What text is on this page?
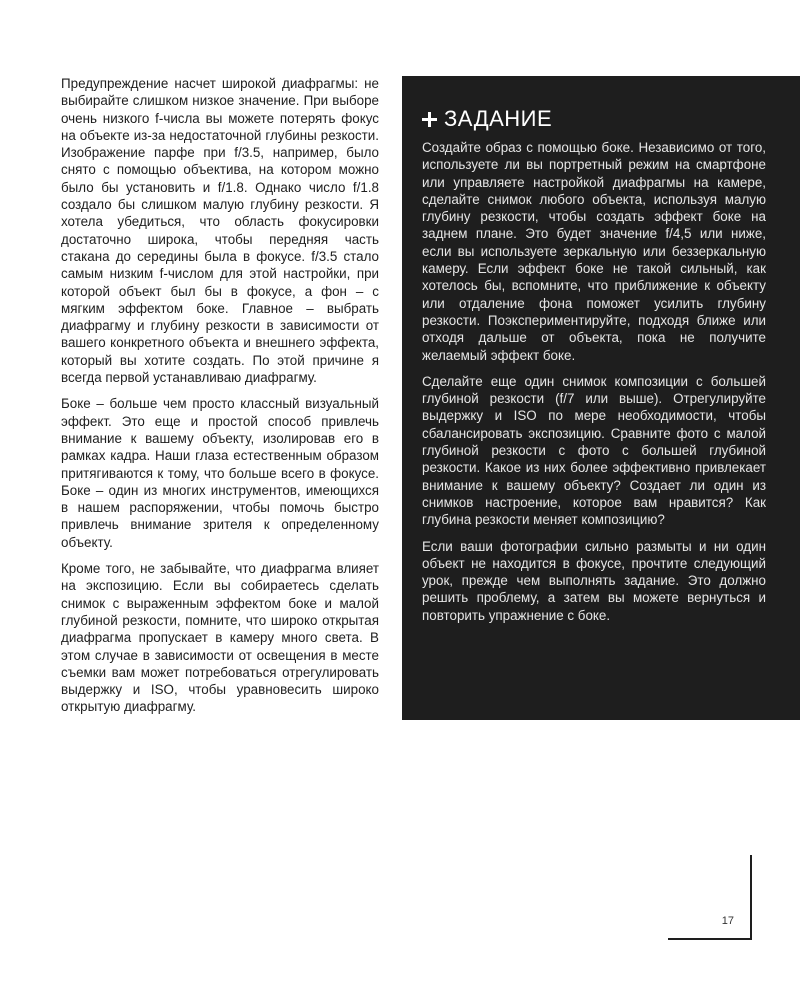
Предупреждение насчет широкой диафрагмы: не выбирайте слишком низкое значение. При выборе очень низкого f-числа вы можете потерять фокус на объекте из-за недостаточной глубины резкости. Изображение парфе при f/3.5, например, было снято с помощью объектива, на котором можно было бы установить и f/1.8. Однако число f/1.8 создало бы слишком малую глубину резкости. Я хотела убедиться, что область фокусировки достаточно широка, чтобы передняя часть стакана до середины была в фокусе. f/3.5 стало самым низким f-числом для этой настройки, при которой объект был бы в фокусе, а фон – с мягким эффектом боке. Главное – выбрать диафрагму и глубину резкости в зависимости от вашего конкретного объекта и внешнего эффекта, который вы хотите создать. По этой причине я всегда первой устанавливаю диафрагму.

Боке – больше чем просто классный визуальный эффект. Это еще и простой способ привлечь внимание к вашему объекту, изолировав его в рамках кадра. Наши глаза естественным образом притягиваются к тому, что больше всего в фокусе. Боке – один из многих инструментов, имеющихся в нашем распоряжении, чтобы помочь быстро привлечь внимание зрителя к определенному объекту.

Кроме того, не забывайте, что диафрагма влияет на экспозицию. Если вы собираетесь сделать снимок с выраженным эффектом боке и малой глубиной резкости, помните, что широко открытая диафрагма пропускает в камеру много света. В этом случае в зависимости от освещения в месте съемки вам может потребоваться отрегулировать выдержку и ISO, чтобы уравновесить широко открытую диафрагму.

ЗАДАНИЕ

Создайте образ с помощью боке. Независимо от того, используете ли вы портретный режим на смартфоне или управляете настройкой диафрагмы на камере, сделайте снимок любого объекта, используя малую глубину резкости, чтобы создать эффект боке на заднем плане. Это будет значение f/4,5 или ниже, если вы используете зеркальную или беззеркальную камеру. Если эффект боке не такой сильный, как хотелось бы, вспомните, что приближение к объекту или отдаление фона поможет усилить глубину резкости. Поэкспериментируйте, подходя ближе или отходя дальше от объекта, пока не получите желаемый эффект боке.

Сделайте еще один снимок композиции с большей глубиной резкости (f/7 или выше). Отрегулируйте выдержку и ISO по мере необходимости, чтобы сбалансировать экспозицию. Сравните фото с малой глубиной резкости с фото с большей глубиной резкости. Какое из них более эффективно привлекает внимание к вашему объекту? Создает ли один из снимков настроение, которое вам нравится? Как глубина резкости меняет композицию?

Если ваши фотографии сильно размыты и ни один объект не находится в фокусе, прочтите следующий урок, прежде чем выполнять задание. Это должно решить проблему, а затем вы можете вернуться и повторить упражнение с боке.

17
